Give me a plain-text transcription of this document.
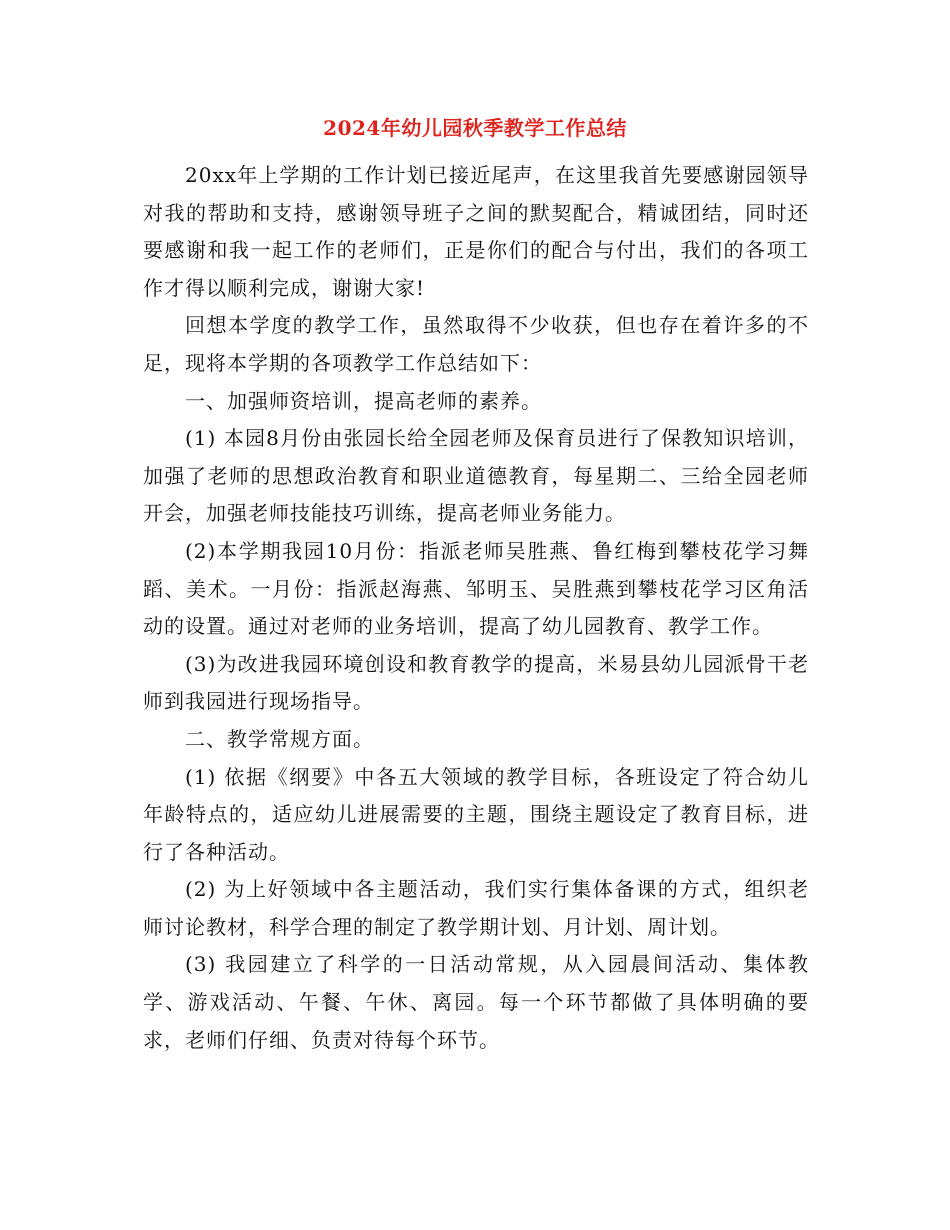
2024年幼儿园秋季教学工作总结

20xx年上学期的工作计划已接近尾声，在这里我首先要感谢园领导对我的帮助和支持，感谢领导班子之间的默契配合，精诚团结，同时还要感谢和我一起工作的老师们，正是你们的配合与付出，我们的各项工作才得以顺利完成，谢谢大家!

回想本学度的教学工作，虽然取得不少收获，但也存在着许多的不足，现将本学期的各项教学工作总结如下：

一、加强师资培训，提高老师的素养。

(1) 本园8月份由张园长给全园老师及保育员进行了保教知识培训，加强了老师的思想政治教育和职业道德教育，每星期二、三给全园老师开会，加强老师技能技巧训练，提高老师业务能力。

(2)本学期我园10月份：指派老师吴胜燕、鲁红梅到攀枝花学习舞蹈、美术。一月份：指派赵海燕、邹明玉、吴胜燕到攀枝花学习区角活动的设置。通过对老师的业务培训，提高了幼儿园教育、教学工作。

(3)为改进我园环境创设和教育教学的提高，米易县幼儿园派骨干老师到我园进行现场指导。

二、教学常规方面。

(1) 依据《纲要》中各五大领域的教学目标，各班设定了符合幼儿年龄特点的，适应幼儿进展需要的主题，围绕主题设定了教育目标，进行了各种活动。

(2) 为上好领域中各主题活动，我们实行集体备课的方式，组织老师讨论教材，科学合理的制定了教学期计划、月计划、周计划。

(3) 我园建立了科学的一日活动常规，从入园晨间活动、集体教学、游戏活动、午餐、午休、离园。每一个环节都做了具体明确的要求，老师们仔细、负责对待每个环节。
